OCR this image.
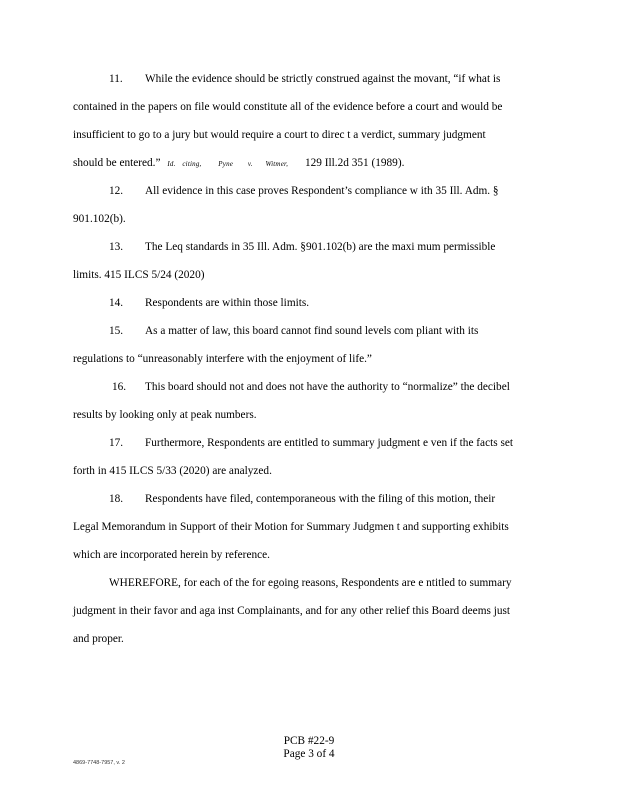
11. While the evidence should be strictly construed against the movant, “if what is
contained in the papers on file would constitute all of the evidence before a court and would be
insufficient to go to a jury but would require a court to direc t a verdict, summary judgment
should be entered.” Id. citing, Pyne v. Witmer, 129 Ill.2d 351 (1989).
12. All evidence in this case proves Respondent’s compliance w ith 35 Ill. Adm. §
901.102(b).
13. The Leq standards in 35 Ill. Adm. §901.102(b) are the maxi mum permissible
limits. 415 ILCS 5/24 (2020)
14. Respondents are within those limits.
15. As a matter of law, this board cannot find sound levels com pliant with its
regulations to “unreasonably interfere with the enjoyment of life.”
16. This board should not and does not have the authority to “normalize” the decibel
results by looking only at peak numbers.
17. Furthermore, Respondents are entitled to summary judgment e ven if the facts set
forth in 415 ILCS 5/33 (2020) are analyzed.
18. Respondents have filed, contemporaneous with the filing of this motion, their
Legal Memorandum in Support of their Motion for Summary Judgmen t and supporting exhibits
which are incorporated herein by reference.
WHEREFORE, for each of the for egoing reasons, Respondents are e ntitled to summary
judgment in their favor and aga inst Complainants, and for any other relief this Board deems just
and proper.
PCB #22-9
Page 3 of 4
4869-7748-7957, v. 2
